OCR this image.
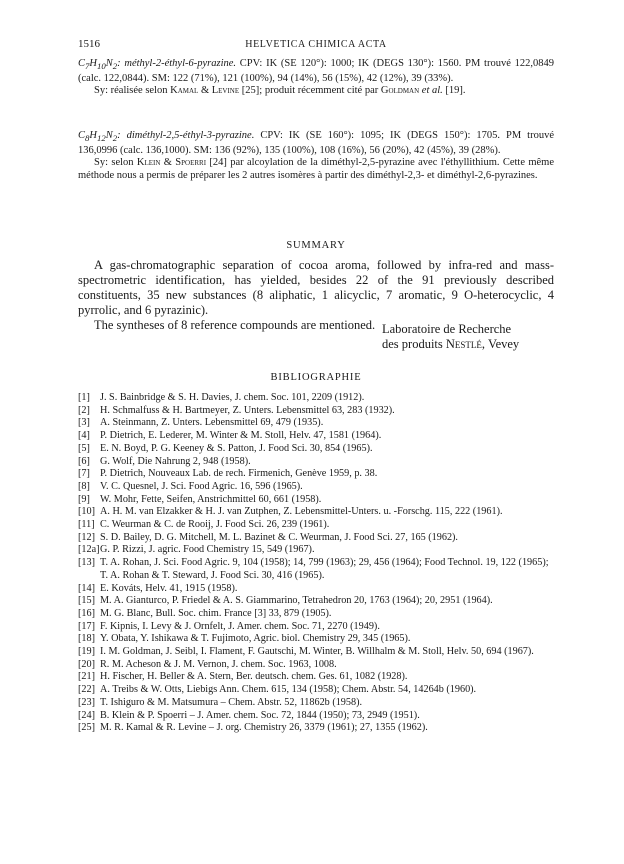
1516	HELVETICA CHIMICA ACTA

$C_7H_{10}N_2$: méthyl-2-éthyl-6-pyrazine. CPV: IK (SE 120°): 1000; IK (DEGS 130°): 1560. PM trouvé 122,0849 (calc. 122,0844). SM: 122 (71%), 121 (100%), 94 (14%), 56 (15%), 42 (12%), 39 (33%).

Sy: réalisée selon Kamal & Levine [25]; produit récemment cité par Goldman et al. [19].

$C_8H_{12}N_2$: diméthyl-2,5-éthyl-3-pyrazine. CPV: IK (SE 160°): 1095; IK (DEGS 150°): 1705. PM trouvé 136,0996 (calc. 136,1000). SM: 136 (92%), 135 (100%), 108 (16%), 56 (20%), 42 (45%), 39 (28%).

Sy: selon Klein & Spoerri [24] par alcoylation de la diméthyl-2,5-pyrazine avec l'éthyllithium. Cette même méthode nous a permis de préparer les 2 autres isomères à partir des diméthyl-2,3- et diméthyl-2,6-pyrazines.

SUMMARY

A gas-chromatographic separation of cocoa aroma, followed by infra-red and mass-spectrometric identification, has yielded, besides 22 of the 91 previously described constituents, 35 new substances (8 aliphatic, 1 alicyclic, 7 aromatic, 9 O-heterocyclic, 4 pyrrolic, and 6 pyrazinic).

The syntheses of 8 reference compounds are mentioned. Laboratoire de Recherche
des produits Nestlé, Vevey
BIBLIOGRAPHIE
[1] J. S. Bainbridge & S. H. Davies, J. chem. Soc. 101, 2209 (1912).
[2] H. Schmalfuss & H. Bartmeyer, Z. Unters. Lebensmittel 63, 283 (1932).
[3] A. Steinmann, Z. Unters. Lebensmittel 69, 479 (1935).
[4] P. Dietrich, E. Lederer, M. Winter & M. Stoll, Helv. 47, 1581 (1964).
[5] E. N. Boyd, P. G. Keeney & S. Patton, J. Food Sci. 30, 854 (1965).
[6] G. Wolf, Die Nahrung 2, 948 (1958).
[7] P. Dietrich, Nouveaux Lab. de rech. Firmenich, Genève 1959, p. 38.
[8] V. C. Quesnel, J. Sci. Food Agric. 16, 596 (1965).
[9] W. Mohr, Fette, Seifen, Anstrichmittel 60, 661 (1958).
[10] A. H. M. van Elzakker & H. J. van Zutphen, Z. Lebensmittel-Unters. u. -Forschg. 115, 222 (1961).
[11] C. Weurman & C. de Rooij, J. Food Sci. 26, 239 (1961).
[12] S. D. Bailey, D. G. Mitchell, M. L. Bazinet & C. Weurman, J. Food Sci. 27, 165 (1962).
[12a] G. P. Rizzi, J. agric. Food Chemistry 15, 549 (1967).
[13] T. A. Rohan, J. Sci. Food Agric. 9, 104 (1958); 14, 799 (1963); 29, 456 (1964); Food Technol. 19, 122 (1965); T. A. Rohan & T. Steward, J. Food Sci. 30, 416 (1965).
[14] E. Kováts, Helv. 41, 1915 (1958).
[15] M. A. Gianturco, P. Friedel & A. S. Giammarino, Tetrahedron 20, 1763 (1964); 20, 2951 (1964).
[16] M. G. Blanc, Bull. Soc. chim. France [3] 33, 879 (1905).
[17] F. Kipnis, I. Levy & J. Ornfelt, J. Amer. chem. Soc. 71, 2270 (1949).
[18] Y. Obata, Y. Ishikawa & T. Fujimoto, Agric. biol. Chemistry 29, 345 (1965).
[19] I. M. Goldman, J. Seibl, I. Flament, F. Gautschi, M. Winter, B. Willhalm & M. Stoll, Helv. 50, 694 (1967).
[20] R. M. Acheson & J. M. Vernon, J. chem. Soc. 1963, 1008.
[21] H. Fischer, H. Beller & A. Stern, Ber. deutsch. chem. Ges. 61, 1082 (1928).
[22] A. Treibs & W. Otts, Liebigs Ann. Chem. 615, 134 (1958); Chem. Abstr. 54, 14264b (1960).
[23] T. Ishiguro & M. Matsumura – Chem. Abstr. 52, 11862b (1958).
[24] B. Klein & P. Spoerri – J. Amer. chem. Soc. 72, 1844 (1950); 73, 2949 (1951).
[25] M. R. Kamal & R. Levine – J. org. Chemistry 26, 3379 (1961); 27, 1355 (1962).
